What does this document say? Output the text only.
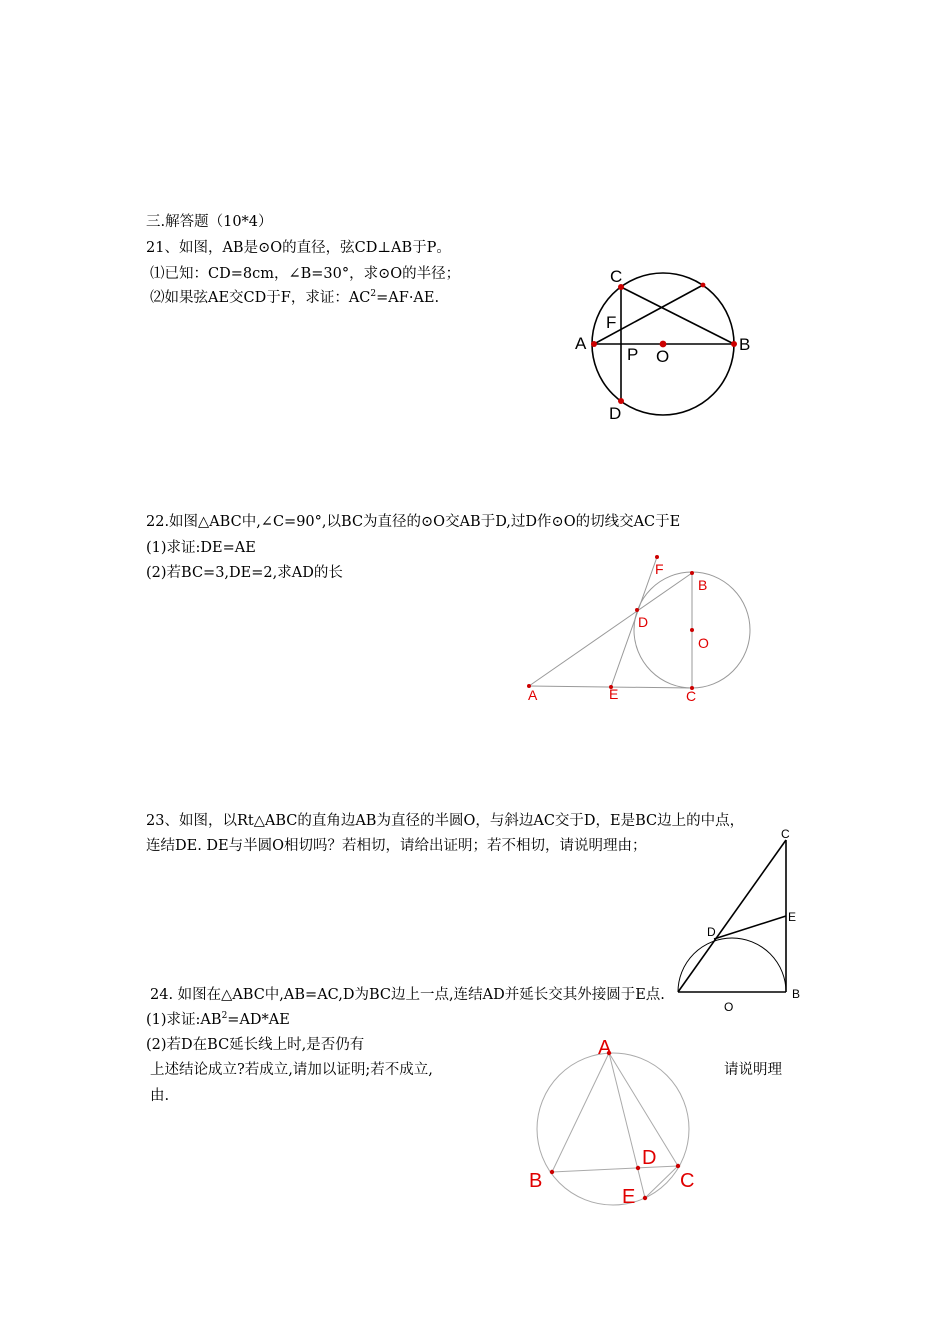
三.解答题（10*4）
21、如图，AB是⊙O的直径，弦CD⊥AB于P。
⑴已知：CD=8cm，∠B=30°，求⊙O的半径；
⑵如果弦AE交CD于F，求证：$AC^2=AF\cdot AE$.
C
F
A
P O
B
D
22.如图△ABC中,∠C=90°,以BC为直径的⊙O交AB于D,过D作⊙O的切线交AC于E
(1)求证:DE=AE
(2)若BC=3,DE=2,求AD的长	F
B
D
O
A	E	C
23、如图，以Rt△ABC的直角边AB为直径的半圆O，与斜边AC交于D，E是BC边上的中点，
连结DE. DE与半圆O相切吗？若相切，请给出证明；若不相切，请说明理由；
C
E
D
O
B
24. 如图在△ABC中,AB=AC,D为BC边上一点,连结AD并延长交其外接圆于E点.
(1)求证$:AB^2=AD*AE$
(2)若D在BC延长线上时,是否仍有
上述结论成立?若成立,请加以证明;若不成立,	请说明理
由.
A
D
B	C
E
